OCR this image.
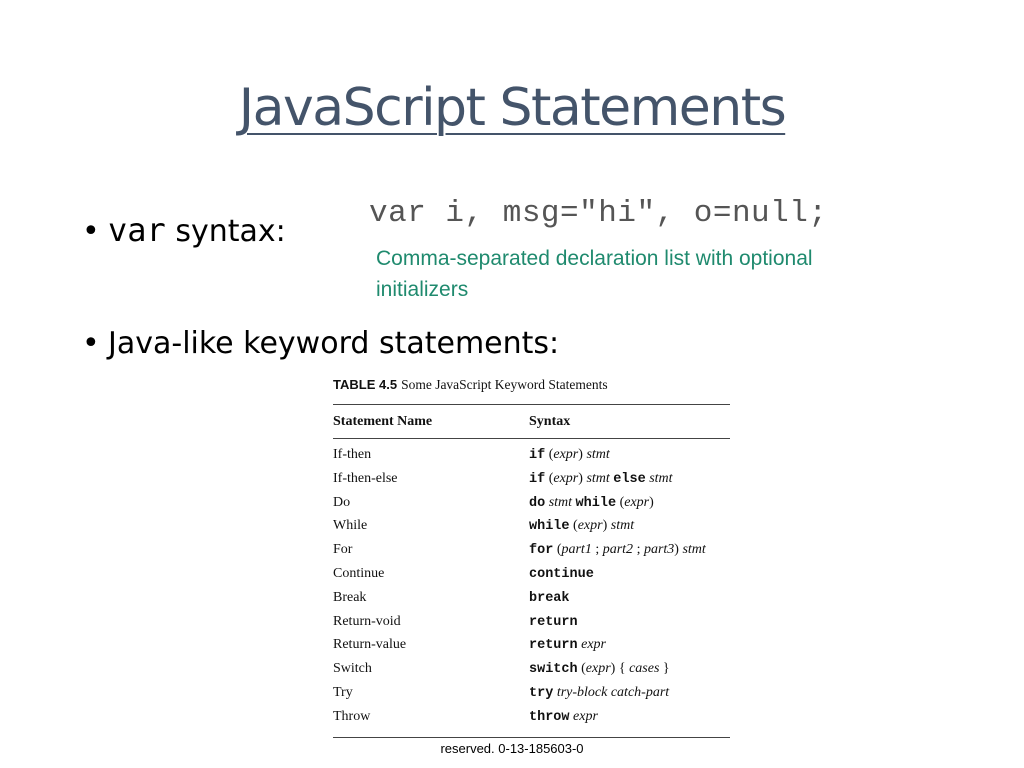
JavaScript Statements
• var syntax:
var i, msg="hi", o=null;
Comma-separated declaration list with optional initializers
• Java-like keyword statements:
TABLE 4.5 Some JavaScript Keyword Statements
Statement Name	Syntax
If-then	if (expr) stmt
If-then-else	if (expr) stmt else stmt
Do	do stmt while (expr)
While	while (expr) stmt
For	for (part1 ; part2 ; part3) stmt
Continue	continue
Break	break
Return-void	return
Return-value	return expr
Switch	switch (expr) { cases }
Try	try try-block catch-part
Throw	throw expr
reserved. 0-13-185603-0
